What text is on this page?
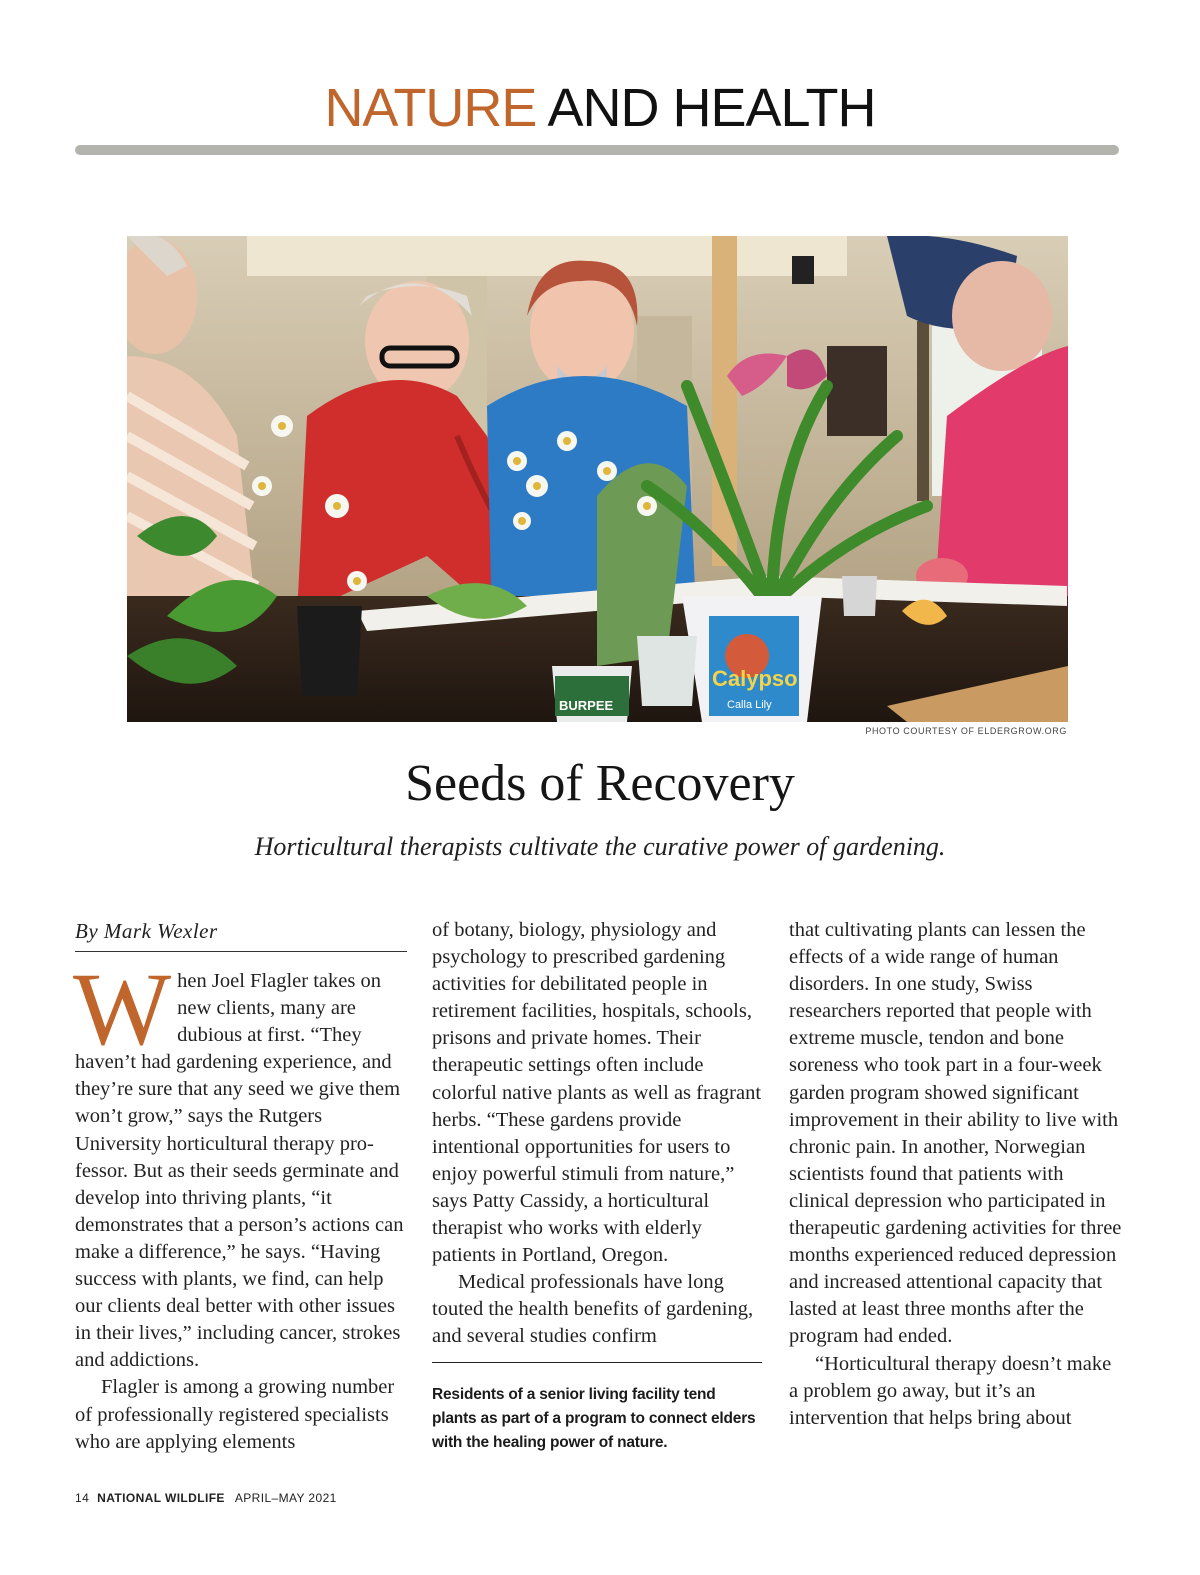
NATURE AND HEALTH
Calypso
Calla Lily
BURPEE
PHOTO COURTESY OF ELDERGROW.ORG
Seeds of Recovery
Horticultural therapists cultivate the curative power of gardening.
By Mark Wexler

When Joel Flagler takes on new clients, many are dubious at first. “They haven’t had gardening experience, and they’re sure that any seed we give them won’t grow,” says the Rutgers University horticultural therapy professor. But as their seeds germinate and develop into thriving plants, “it demonstrates that a person’s actions can make a difference,” he says. “Having success with plants, we find, can help our clients deal better with other issues in their lives,” including cancer, strokes and addictions.

Flagler is among a growing number of professionally registered specialists who are applying elements

of botany, biology, physiology and psychology to prescribed gardening activities for debilitated people in retirement facilities, hospitals, schools, prisons and private homes. Their therapeutic settings often include colorful native plants as well as fragrant herbs. “These gardens provide intentional opportunities for users to enjoy powerful stimuli from nature,” says Patty Cassidy, a horticultural therapist who works with elderly patients in Portland, Oregon.

Medical professionals have long touted the health benefits of gardening, and several studies confirm

Residents of a senior living facility tend plants as part of a program to connect elders with the healing power of nature.

that cultivating plants can lessen the effects of a wide range of human disorders. In one study, Swiss researchers reported that people with extreme muscle, tendon and bone soreness who took part in a four-week garden program showed significant improvement in their ability to live with chronic pain. In another, Norwegian scientists found that patients with clinical depression who participated in therapeutic gardening activities for three months experienced reduced depression and increased attentional capacity that lasted at least three months after the program had ended.

“Horticultural therapy doesn’t make a problem go away, but it’s an intervention that helps bring about

14 NATIONAL WILDLIFE APRIL–MAY 2021
